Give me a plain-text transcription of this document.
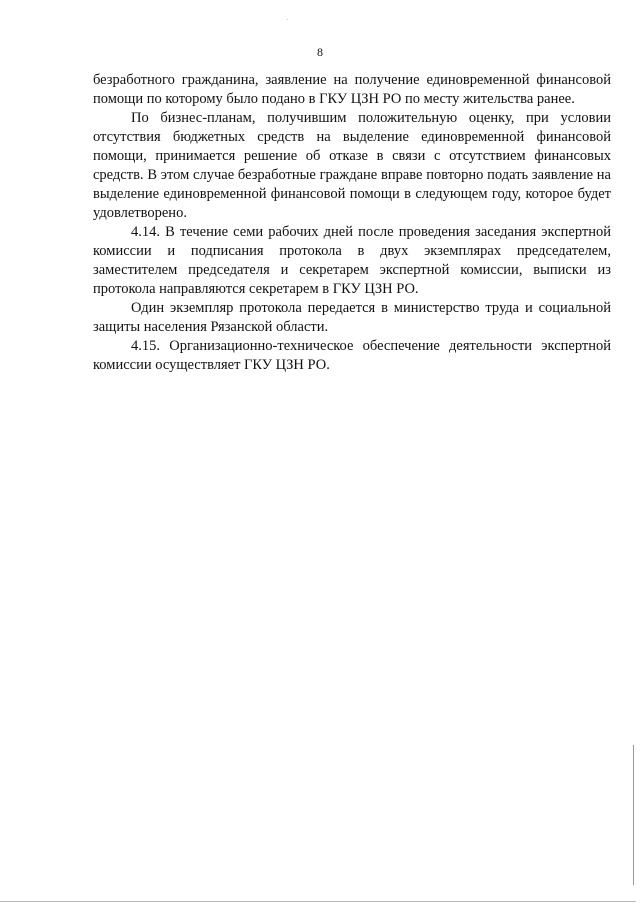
8

безработного гражданина, заявление на получение единовременной финансовой помощи по которому было подано в ГКУ ЦЗН РО по месту жительства ранее.

По бизнес-планам, получившим положительную оценку, при условии отсутствия бюджетных средств на выделение единовременной финансовой помощи, принимается решение об отказе в связи с отсутствием финансовых средств. В этом случае безработные граждане вправе повторно подать заявление на выделение единовременной финансовой помощи в следующем году, которое будет удовлетворено.

4.14. В течение семи рабочих дней после проведения заседания экспертной комиссии и подписания протокола в двух экземплярах председателем, заместителем председателя и секретарем экспертной комиссии, выписки из протокола направляются секретарем в ГКУ ЦЗН РО.

Один экземпляр протокола передается в министерство труда и социальной защиты населения Рязанской области.

4.15. Организационно-техническое обеспечение деятельности экспертной комиссии осуществляет ГКУ ЦЗН РО.
